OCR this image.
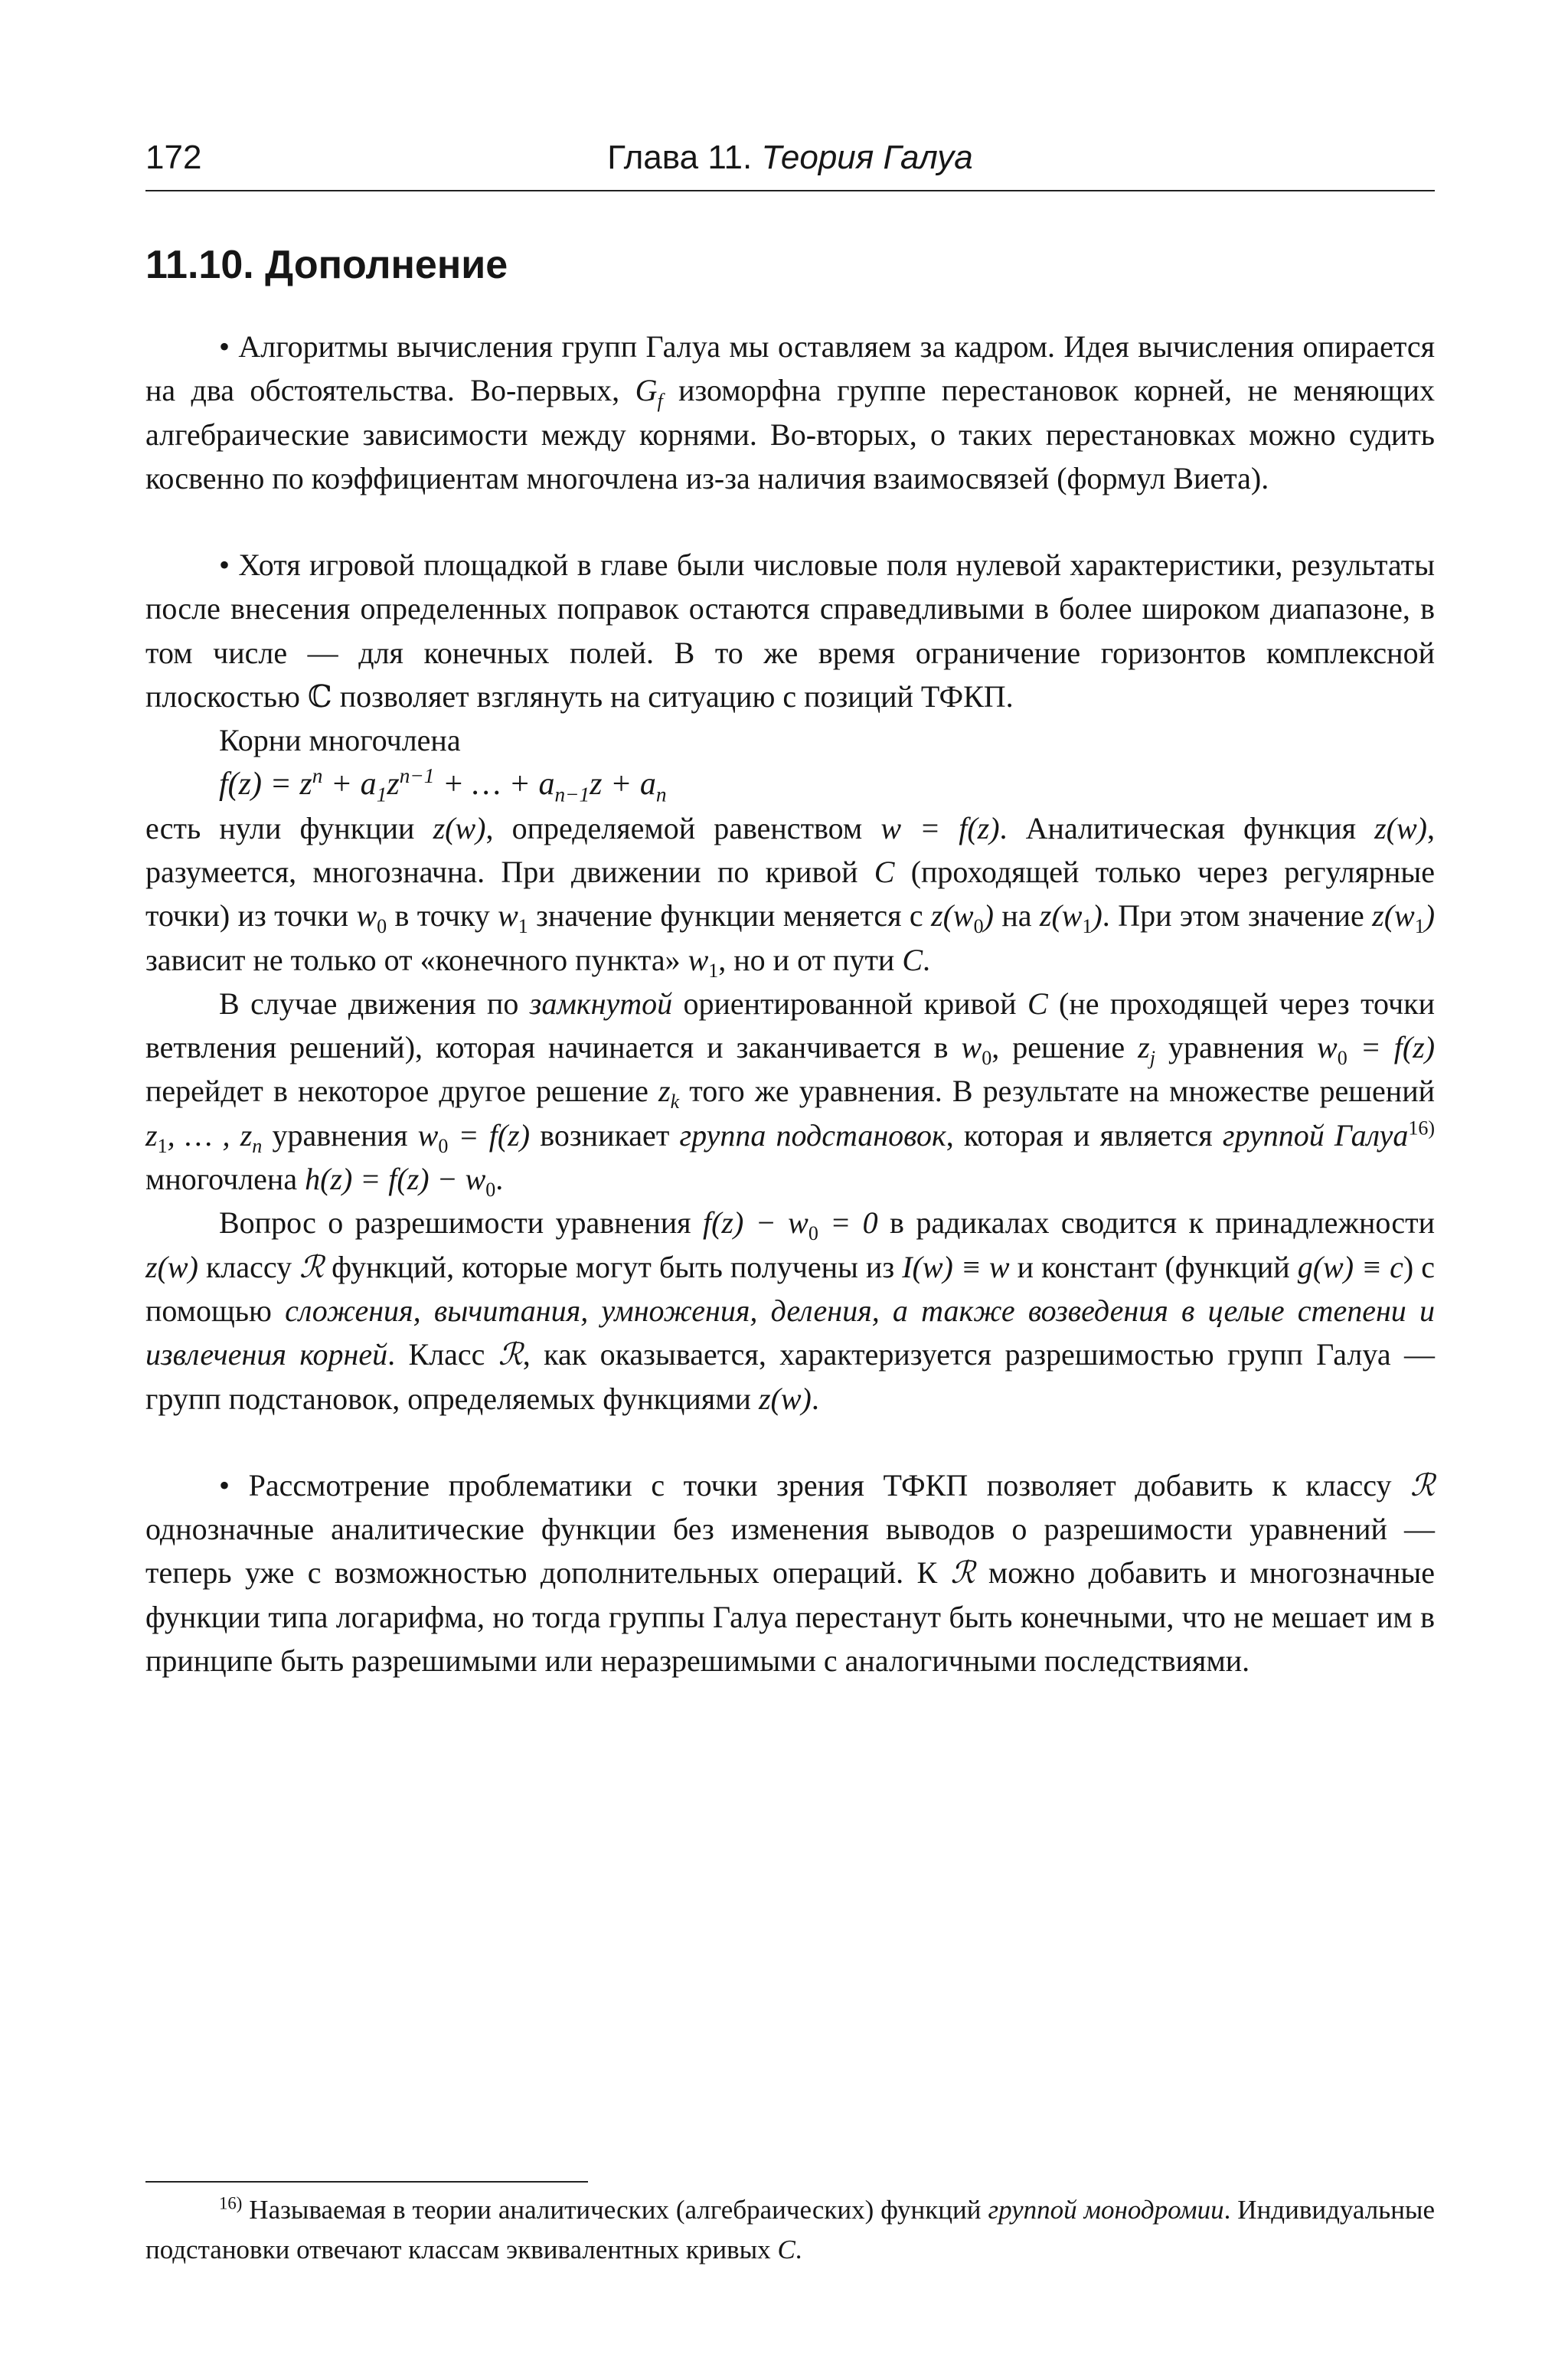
172	Глава 11. Теория Галуа
11.10. Дополнение

• Алгоритмы вычисления групп Галуа мы оставляем за кадром. Идея вычисления опирается на два обстоятельства. Во-первых, $G_f$ изоморфна группе перестановок корней, не меняющих алгебраические зависимости между корнями. Во-вторых, о таких перестановках можно судить косвенно по коэффициентам многочлена из-за наличия взаимосвязей (формул Виета).

• Хотя игровой площадкой в главе были числовые поля нулевой характеристики, результаты после внесения определенных поправок остаются справедливыми в более широком диапазоне, в том числе — для конечных полей. В то же время ограничение горизонтов комплексной плоскостью ℂ позволяет взглянуть на ситуацию с позиций ТФКП.

Корни многочлена

$f(z) = z^n + a_1z^{n-1}$ + … + $a_{n-1}z + a_n$

есть нули функции z(w), определяемой равенством w = f(z). Аналитическая функция z(w), разумеется, многозначна. При движении по кривой C (проходящей только через регулярные точки) из точки $w_0$ в точку $w_1$ значение функции меняется с $z(w_0)$ на $z(w_1)$. При этом значение $z(w_1)$ зависит не только от «конечного пункта» $w_1$, но и от пути C.

В случае движения по замкнутой ориентированной кривой C (не проходящей через точки ветвления решений), которая начинается и заканчивается в $w_0$, решение $z_j$ уравнения $w_0 = f(z)$ перейдет в некоторое другое решение $z_k$ того же уравнения. В результате на множестве решений $z_1$, … , $z_n$ уравнения $w_0 = f(z)$ возникает группа подстановок, которая и является группой Галуа$^{16)}$ многочлена $h(z) = f(z) - w_0$.

Вопрос о разрешимости уравнения $f(z) - w_0 = 0$ в радикалах сводится к принадлежности z(w) классу ℛ функций, которые могут быть получены из I(w) ≡ w и констант (функций g(w) ≡ c) с помощью сложения, вычитания, умножения, деления, а также возведения в целые степени и извлечения корней. Класс ℛ, как оказывается, характеризуется разрешимостью групп Галуа — групп подстановок, определяемых функциями z(w).

• Рассмотрение проблематики с точки зрения ТФКП позволяет добавить к классу ℛ однозначные аналитические функции без изменения выводов о разрешимости уравнений — теперь уже с возможностью дополнительных операций. К ℛ можно добавить и многозначные функции типа логарифма, но тогда группы Галуа перестанут быть конечными, что не мешает им в принципе быть разрешимыми или неразрешимыми с аналогичными последствиями.

$^{16)}$ Называемая в теории аналитических (алгебраических) функций группой монодромии. Индивидуальные подстановки отвечают классам эквивалентных кривых C.
